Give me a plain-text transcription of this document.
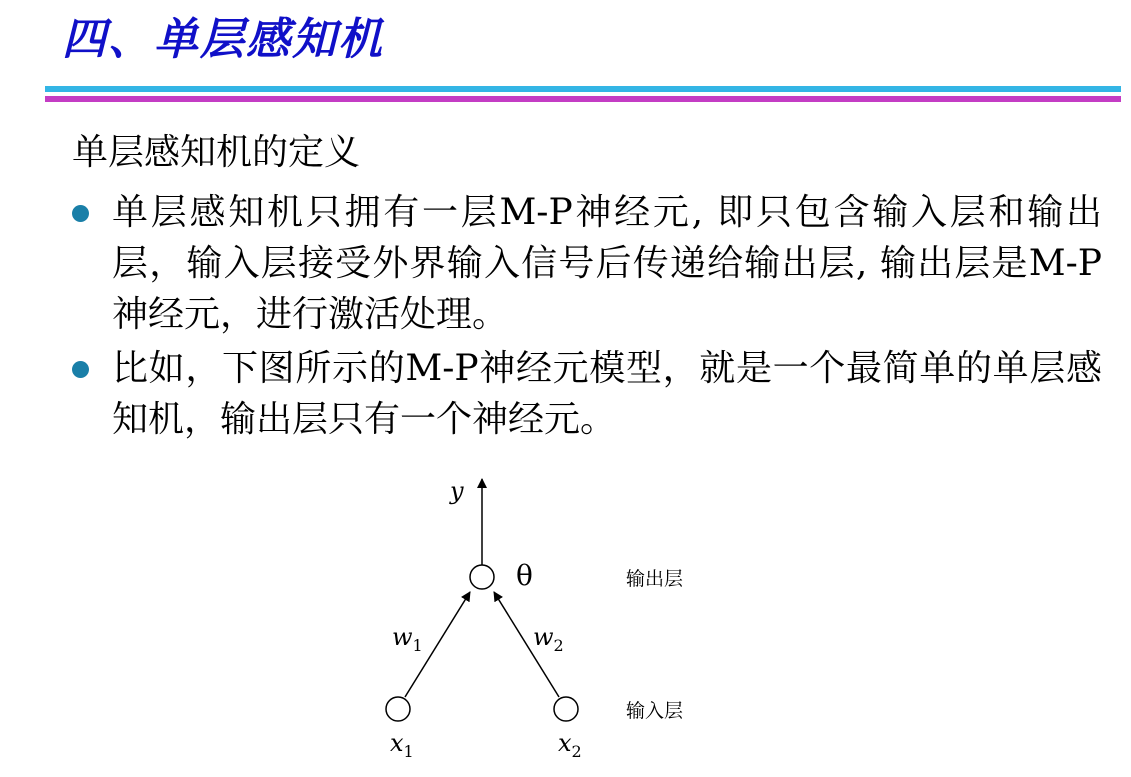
四、单层感知机
单层感知机的定义
单层感知机只拥有一层M-P神经元, 即只包含输入层和输出层，输入层接受外界输入信号后传递给输出层, 输出层是M-P神经元，进行激活处理。
比如，下图所示的M-P神经元模型，就是一个最简单的单层感知机，输出层只有一个神经元。
y
θ
$w_1$	$w_2$
$x_1$	$x_2$
输出层
输入层
